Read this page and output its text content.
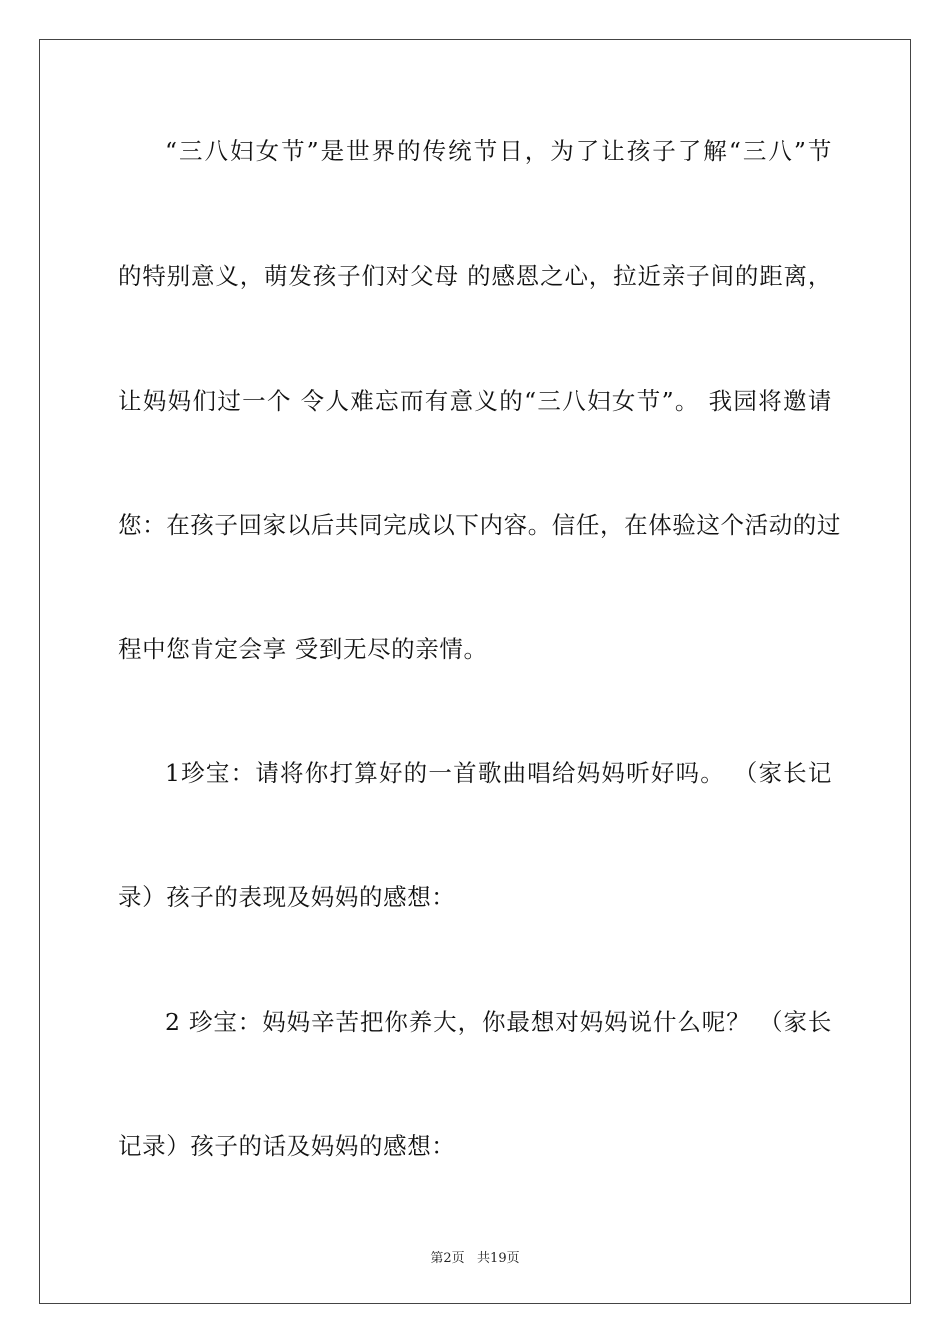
“三八妇女节”是世界的传统节日，为了让孩子了解“三八”节
的特别意义，萌发孩子们对父母 的感恩之心，拉近亲子间的距离，
让妈妈们过一个 令人难忘而有意义的“三八妇女节”。 我园将邀请
您：在孩子回家以后共同完成以下内容。信任，在体验这个活动的过
程中您肯定会享 受到无尽的亲情。
1珍宝：请将你打算好的一首歌曲唱给妈妈听好吗。 （家长记
录）孩子的表现及妈妈的感想：
2 珍宝：妈妈辛苦把你养大，你最想对妈妈说什么呢？ （家长
记录）孩子的话及妈妈的感想：
第2页   共19页
